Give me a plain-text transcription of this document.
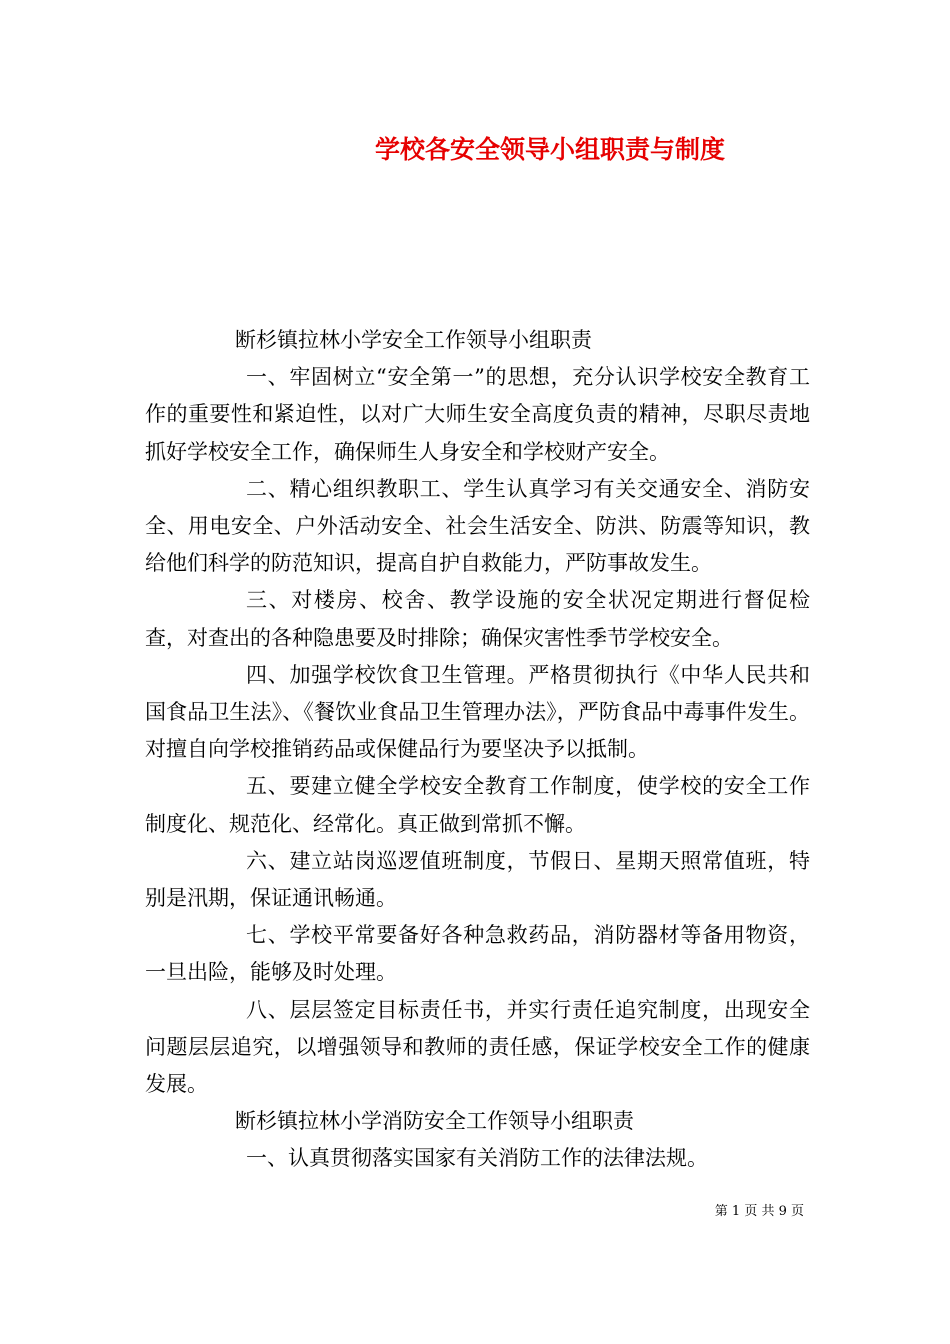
学校各安全领导小组职责与制度

断杉镇拉林小学安全工作领导小组职责

一、牢固树立“安全第一”的思想，充分认识学校安全教育工作的重要性和紧迫性，以对广大师生安全高度负责的精神，尽职尽责地抓好学校安全工作，确保师生人身安全和学校财产安全。

二、精心组织教职工、学生认真学习有关交通安全、消防安全、用电安全、户外活动安全、社会生活安全、防洪、防震等知识，教给他们科学的防范知识，提高自护自救能力，严防事故发生。

三、对楼房、校舍、教学设施的安全状况定期进行督促检查，对查出的各种隐患要及时排除；确保灾害性季节学校安全。

四、加强学校饮食卫生管理。严格贯彻执行《中华人民共和国食品卫生法》、《餐饮业食品卫生管理办法》，严防食品中毒事件发生。对擅自向学校推销药品或保健品行为要坚决予以抵制。

五、要建立健全学校安全教育工作制度，使学校的安全工作制度化、规范化、经常化。真正做到常抓不懈。

六、建立站岗巡逻值班制度，节假日、星期天照常值班，特别是汛期，保证通讯畅通。

七、学校平常要备好各种急救药品，消防器材等备用物资，一旦出险，能够及时处理。

八、层层签定目标责任书，并实行责任追究制度，出现安全问题层层追究，以增强领导和教师的责任感，保证学校安全工作的健康发展。

断杉镇拉林小学消防安全工作领导小组职责

一、认真贯彻落实国家有关消防工作的法律法规。

第 1 页 共 9 页
